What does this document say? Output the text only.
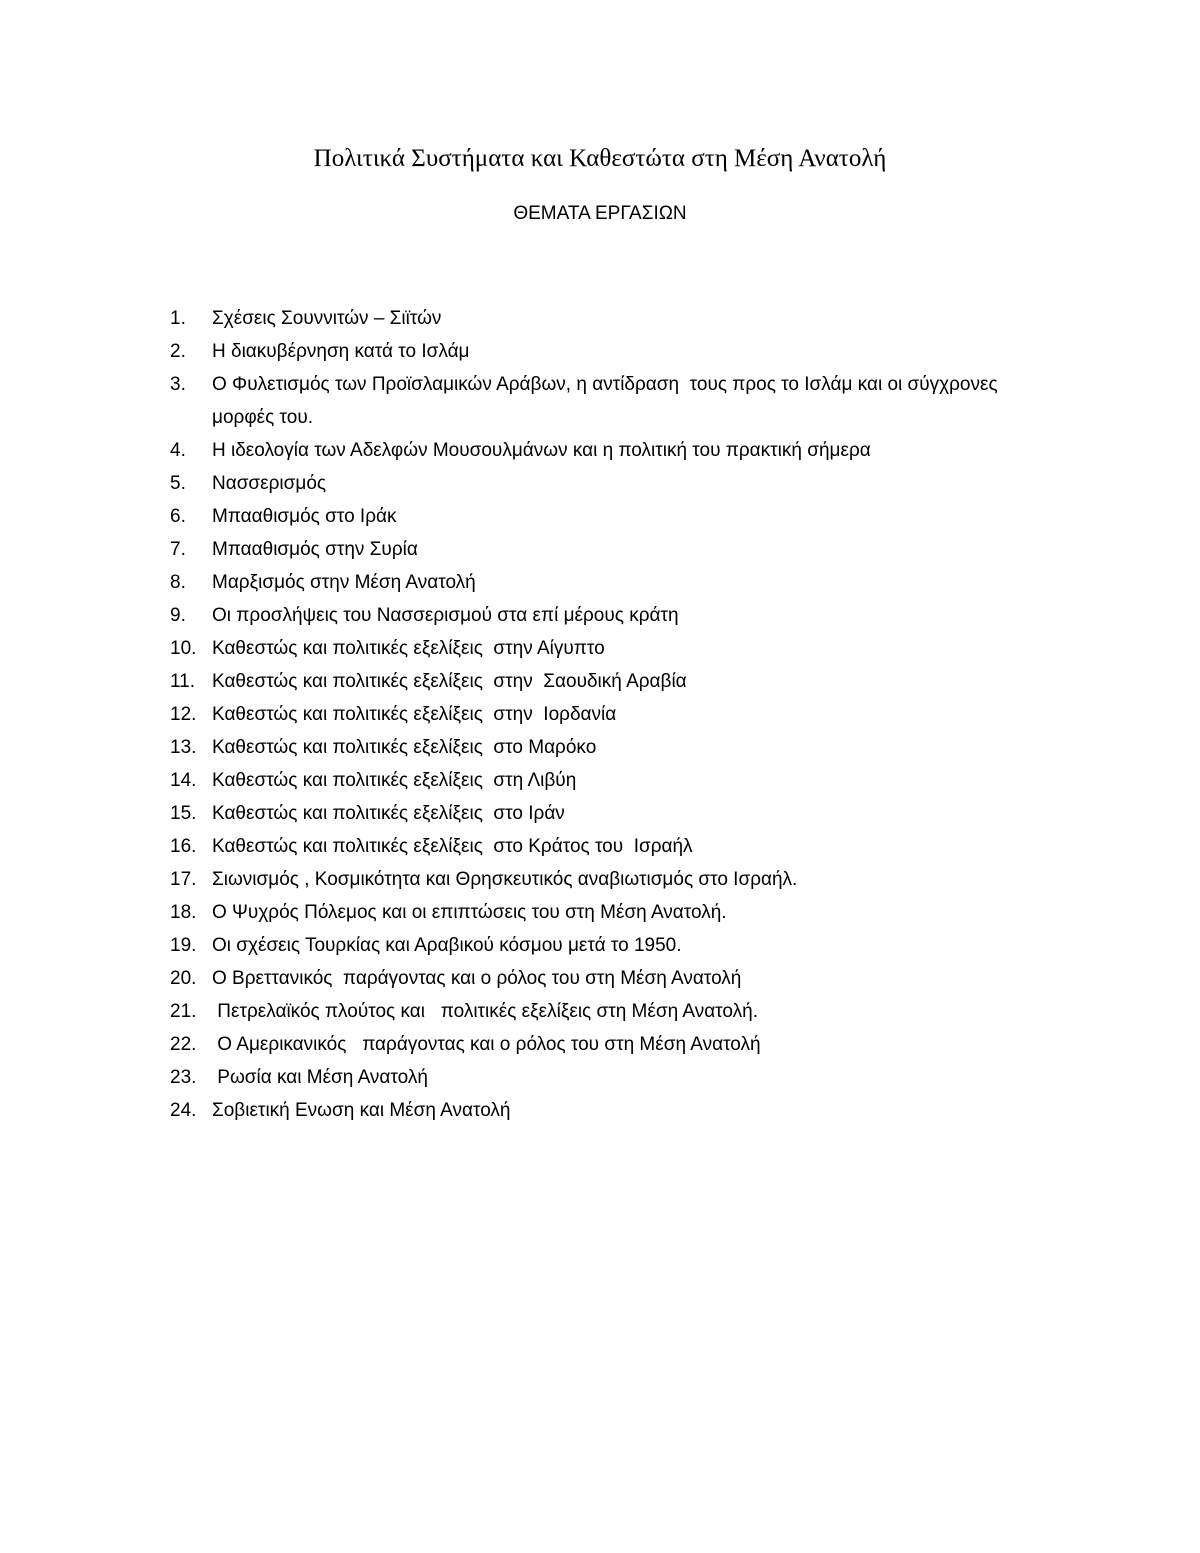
Πολιτικά Συστήματα και Καθεστώτα στη Μέση Ανατολή
ΘΕΜΑΤΑ ΕΡΓΑΣΙΩΝ
1.	Σχέσεις Σουννιτών – Σιϊτών
2.	Η διακυβέρνηση κατά το Ισλάμ
3.	Ο Φυλετισμός των Προϊσλαμικών Αράβων, η αντίδραση  τους προς το Ισλάμ και οι σύγχρονες μορφές του.
4.	Η ιδεολογία των Αδελφών Μουσουλμάνων και η πολιτική του πρακτική σήμερα
5.	Νασσερισμός
6.	Μπααθισμός στο Ιράκ
7.	Μπααθισμός στην Συρία
8.	Μαρξισμός στην Μέση Ανατολή
9.	Οι προσλήψεις του Νασσερισμού στα επί μέρους κράτη
10. Καθεστώς και πολιτικές εξελίξεις  στην Αίγυπτο
11. Καθεστώς και πολιτικές εξελίξεις  στην  Σαουδική Αραβία
12. Καθεστώς και πολιτικές εξελίξεις  στην  Ιορδανία
13. Καθεστώς και πολιτικές εξελίξεις  στο Μαρόκο
14. Καθεστώς και πολιτικές εξελίξεις  στη Λιβύη
15. Καθεστώς και πολιτικές εξελίξεις  στο Ιράν
16. Καθεστώς και πολιτικές εξελίξεις  στο Κράτος του  Ισραήλ
17. Σιωνισμός , Κοσμικότητα και Θρησκευτικός αναβιωτισμός στο Ισραήλ.
18. Ο Ψυχρός Πόλεμος και οι επιπτώσεις του στη Μέση Ανατολή.
19. Οι σχέσεις Τουρκίας και Αραβικού κόσμου μετά το 1950.
20. Ο Βρεττανικός  παράγοντας και ο ρόλος του στη Μέση Ανατολή
21. Πετρελαϊκός πλούτος και   πολιτικές εξελίξεις στη Μέση Ανατολή.
22. Ο Αμερικανικός   παράγοντας και ο ρόλος του στη Μέση Ανατολή
23. Ρωσία και Μέση Ανατολή
24. Σοβιετική Ενωση και Μέση Ανατολή
